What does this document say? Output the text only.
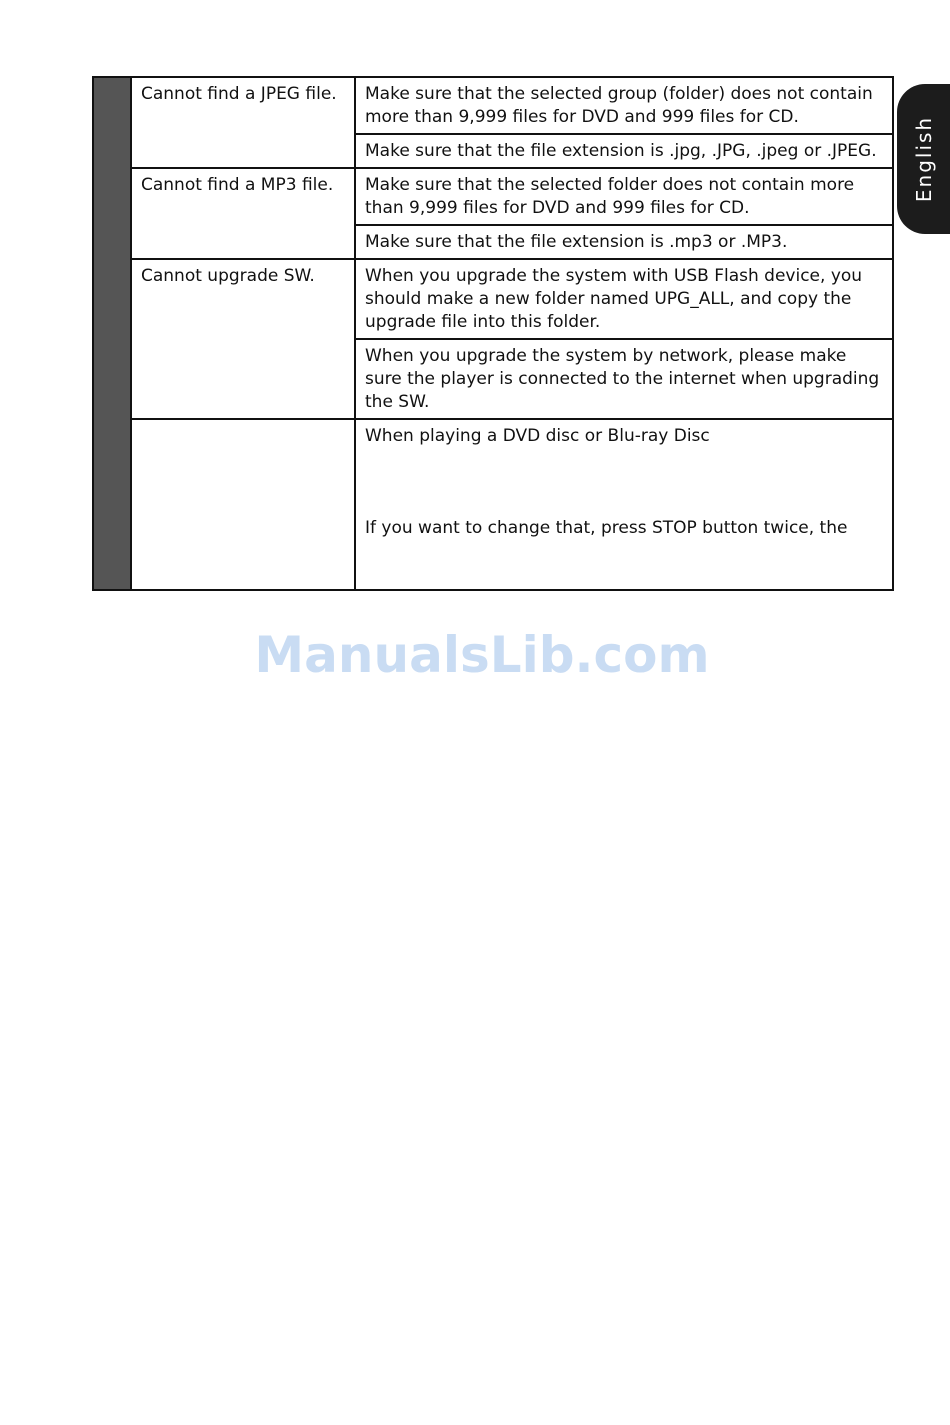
English
	Cannot find a JPEG file.	Make sure that the selected group (folder) does not contain more than 9,999 files for DVD and 999 files for CD.
		Make sure that the file extension is .jpg, .JPG, .jpeg or .JPEG.
	Cannot find a MP3 file.	Make sure that the selected folder does not contain more than 9,999 files for DVD and 999 files for CD.
		Make sure that the file extension is .mp3 or .MP3.
	Cannot upgrade SW.	When you upgrade the system with USB Flash device, you should make a new folder named UPG_ALL, and copy the upgrade file into this folder.
		When you upgrade the system by network, please make sure the player is connected to the internet when upgrading the SW.

		When playing a DVD disc or Blu-ray Disc
If you want to change that, press STOP button twice, the

ManualsLib.com
